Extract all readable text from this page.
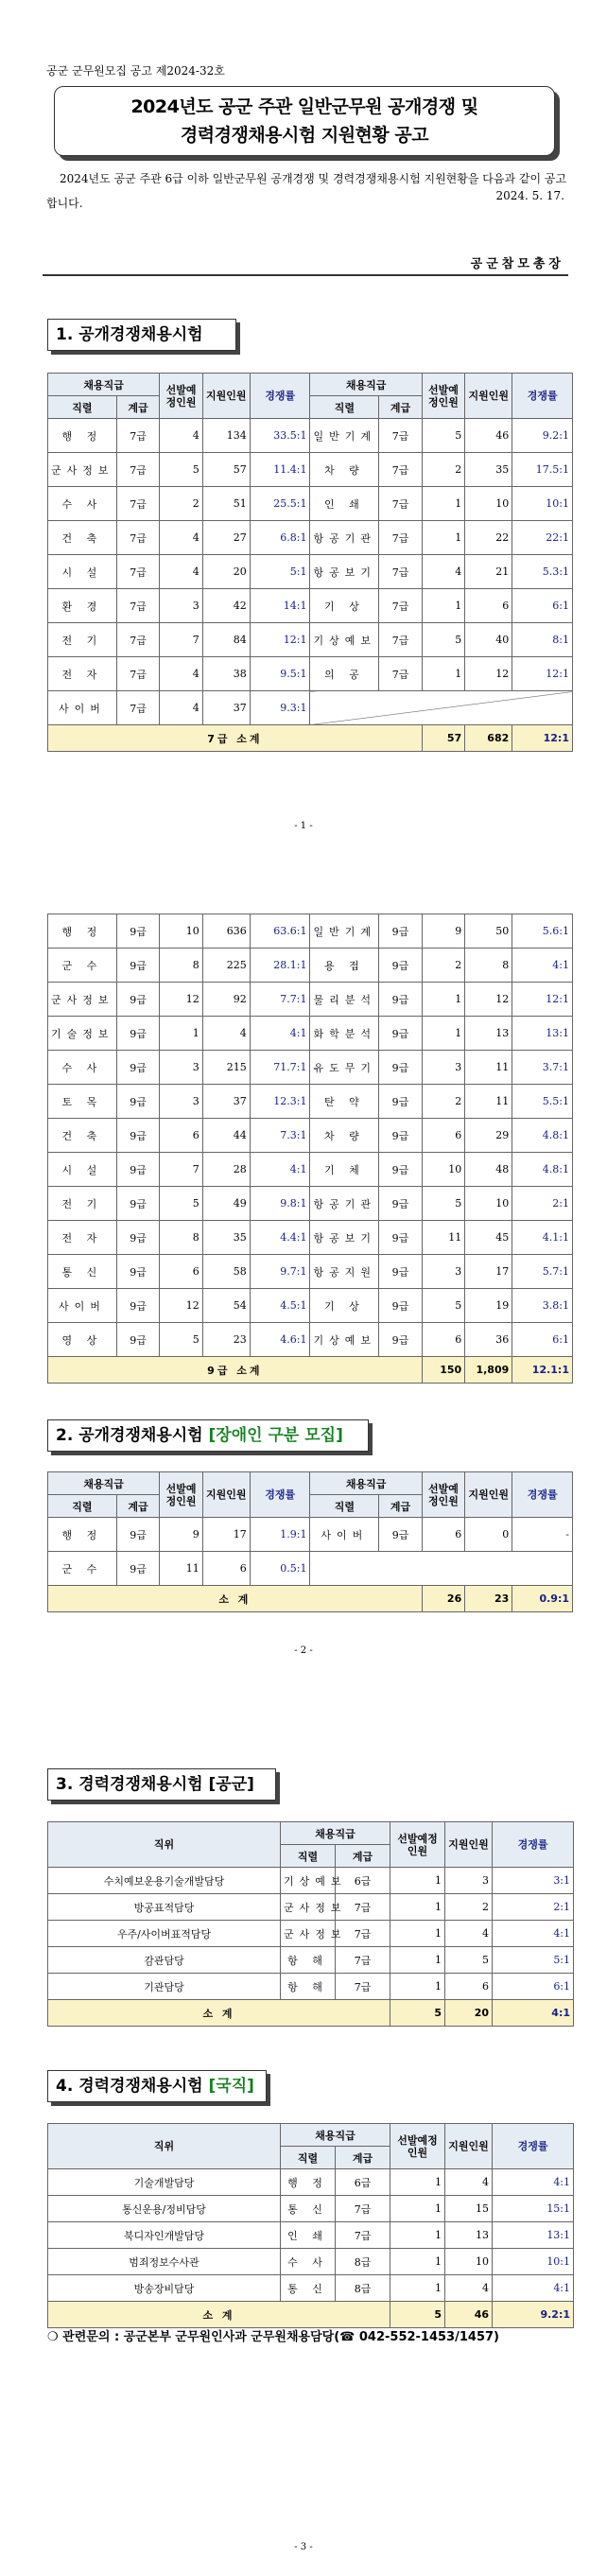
공군 군무원모집 공고 제2024-32호
2024년도 공군 주관 일반군무원 공개경쟁 및
경력경쟁채용시험 지원현황 공고
2024년도 공군 주관 6급 이하 일반군무원 공개경쟁 및 경력경쟁채용시험 지원현황을 다음과 같이 공고합니다.
2024. 5. 17.
공군참모총장
1. 공개경쟁채용시험
채용직급		선발예정인원	지원인원	경쟁률	채용직급		선발예정인원	지원인원	경쟁률
직렬	계급				직렬	계급			
행 정	7급	4	134	33.5:1	일반기계	7급	5	46	9.2:1
군사정보	7급	5	57	11.4:1	차 량	7급	2	35	17.5:1
수 사	7급	2	51	25.5:1	인 쇄	7급	1	10	10:1
건 축	7급	4	27	6.8:1	항공기관	7급	1	22	22:1
시 설	7급	4	20	5:1	항공보기	7급	4	21	5.3:1
환 경	7급	3	42	14:1	기 상	7급	1	6	6:1
전 기	7급	7	84	12:1	기상예보	7급	5	40	8:1
전 자	7급	4	38	9.5:1	의 공	7급	1	12	12:1
사이버	7급	4	37	9.3:1					
7급 소계							57	682	12:1
- 1 -
행 정	9급	10	636	63.6:1	일반기계	9급	9	50	5.6:1
군 수	9급	8	225	28.1:1	용 접	9급	2	8	4:1
군사정보	9급	12	92	7.7:1	물리분석	9급	1	12	12:1
기술정보	9급	1	4	4:1	화학분석	9급	1	13	13:1
수 사	9급	3	215	71.7:1	유도무기	9급	3	11	3.7:1
토 목	9급	3	37	12.3:1	탄 약	9급	2	11	5.5:1
건 축	9급	6	44	7.3:1	차 량	9급	6	29	4.8:1
시 설	9급	7	28	4:1	기 체	9급	10	48	4.8:1
전 기	9급	5	49	9.8:1	항공기관	9급	5	10	2:1
전 자	9급	8	35	4.4:1	항공보기	9급	11	45	4.1:1
통 신	9급	6	58	9.7:1	항공지원	9급	3	17	5.7:1
사이버	9급	12	54	4.5:1	기 상	9급	5	19	3.8:1
영 상	9급	5	23	4.6:1	기상예보	9급	6	36	6:1
9급 소계							150	1,809	12.1:1
2. 공개경쟁채용시험 [장애인 구분 모집]
채용직급		선발예정인원	지원인원	경쟁률	채용직급		선발예정인원	지원인원	경쟁률
직렬	계급				직렬	계급			
행 정	9급	9	17	1.9:1	사이버	9급	6	0	-
군 수	9급	11	6	0.5:1					
소 계							26	23	0.9:1
- 2 -
3. 경력경쟁채용시험 [공군]
직위	채용직급		선발예정인원	지원인원	경쟁률
	직렬	계급			
수치예보운용기술개발담당	기상예보	6급	1	3	3:1
방공표적담당	군사정보	7급	1	2	2:1
우주/사이버표적담당	군사정보	7급	1	4	4:1
감관담당	항 해	7급	1	5	5:1
기관담당	항 해	7급	1	6	6:1
소 계			5	20	4:1
4. 경력경쟁채용시험 [국직]
직위	채용직급		선발예정인원	지원인원	경쟁률
	직렬	계급			
기술개발담당	행 정	6급	1	4	4:1
통신운용/정비담당	통 신	7급	1	15	15:1
북디자인개발담당	인 쇄	7급	1	13	13:1
범죄정보수사관	수 사	8급	1	10	10:1
방송장비담당	통 신	8급	1	4	4:1
소 계			5	46	9.2:1
❍ 관련문의 : 공군본부 군무원인사과 군무원채용담당(☎ 042-552-1453/1457)
- 3 -
